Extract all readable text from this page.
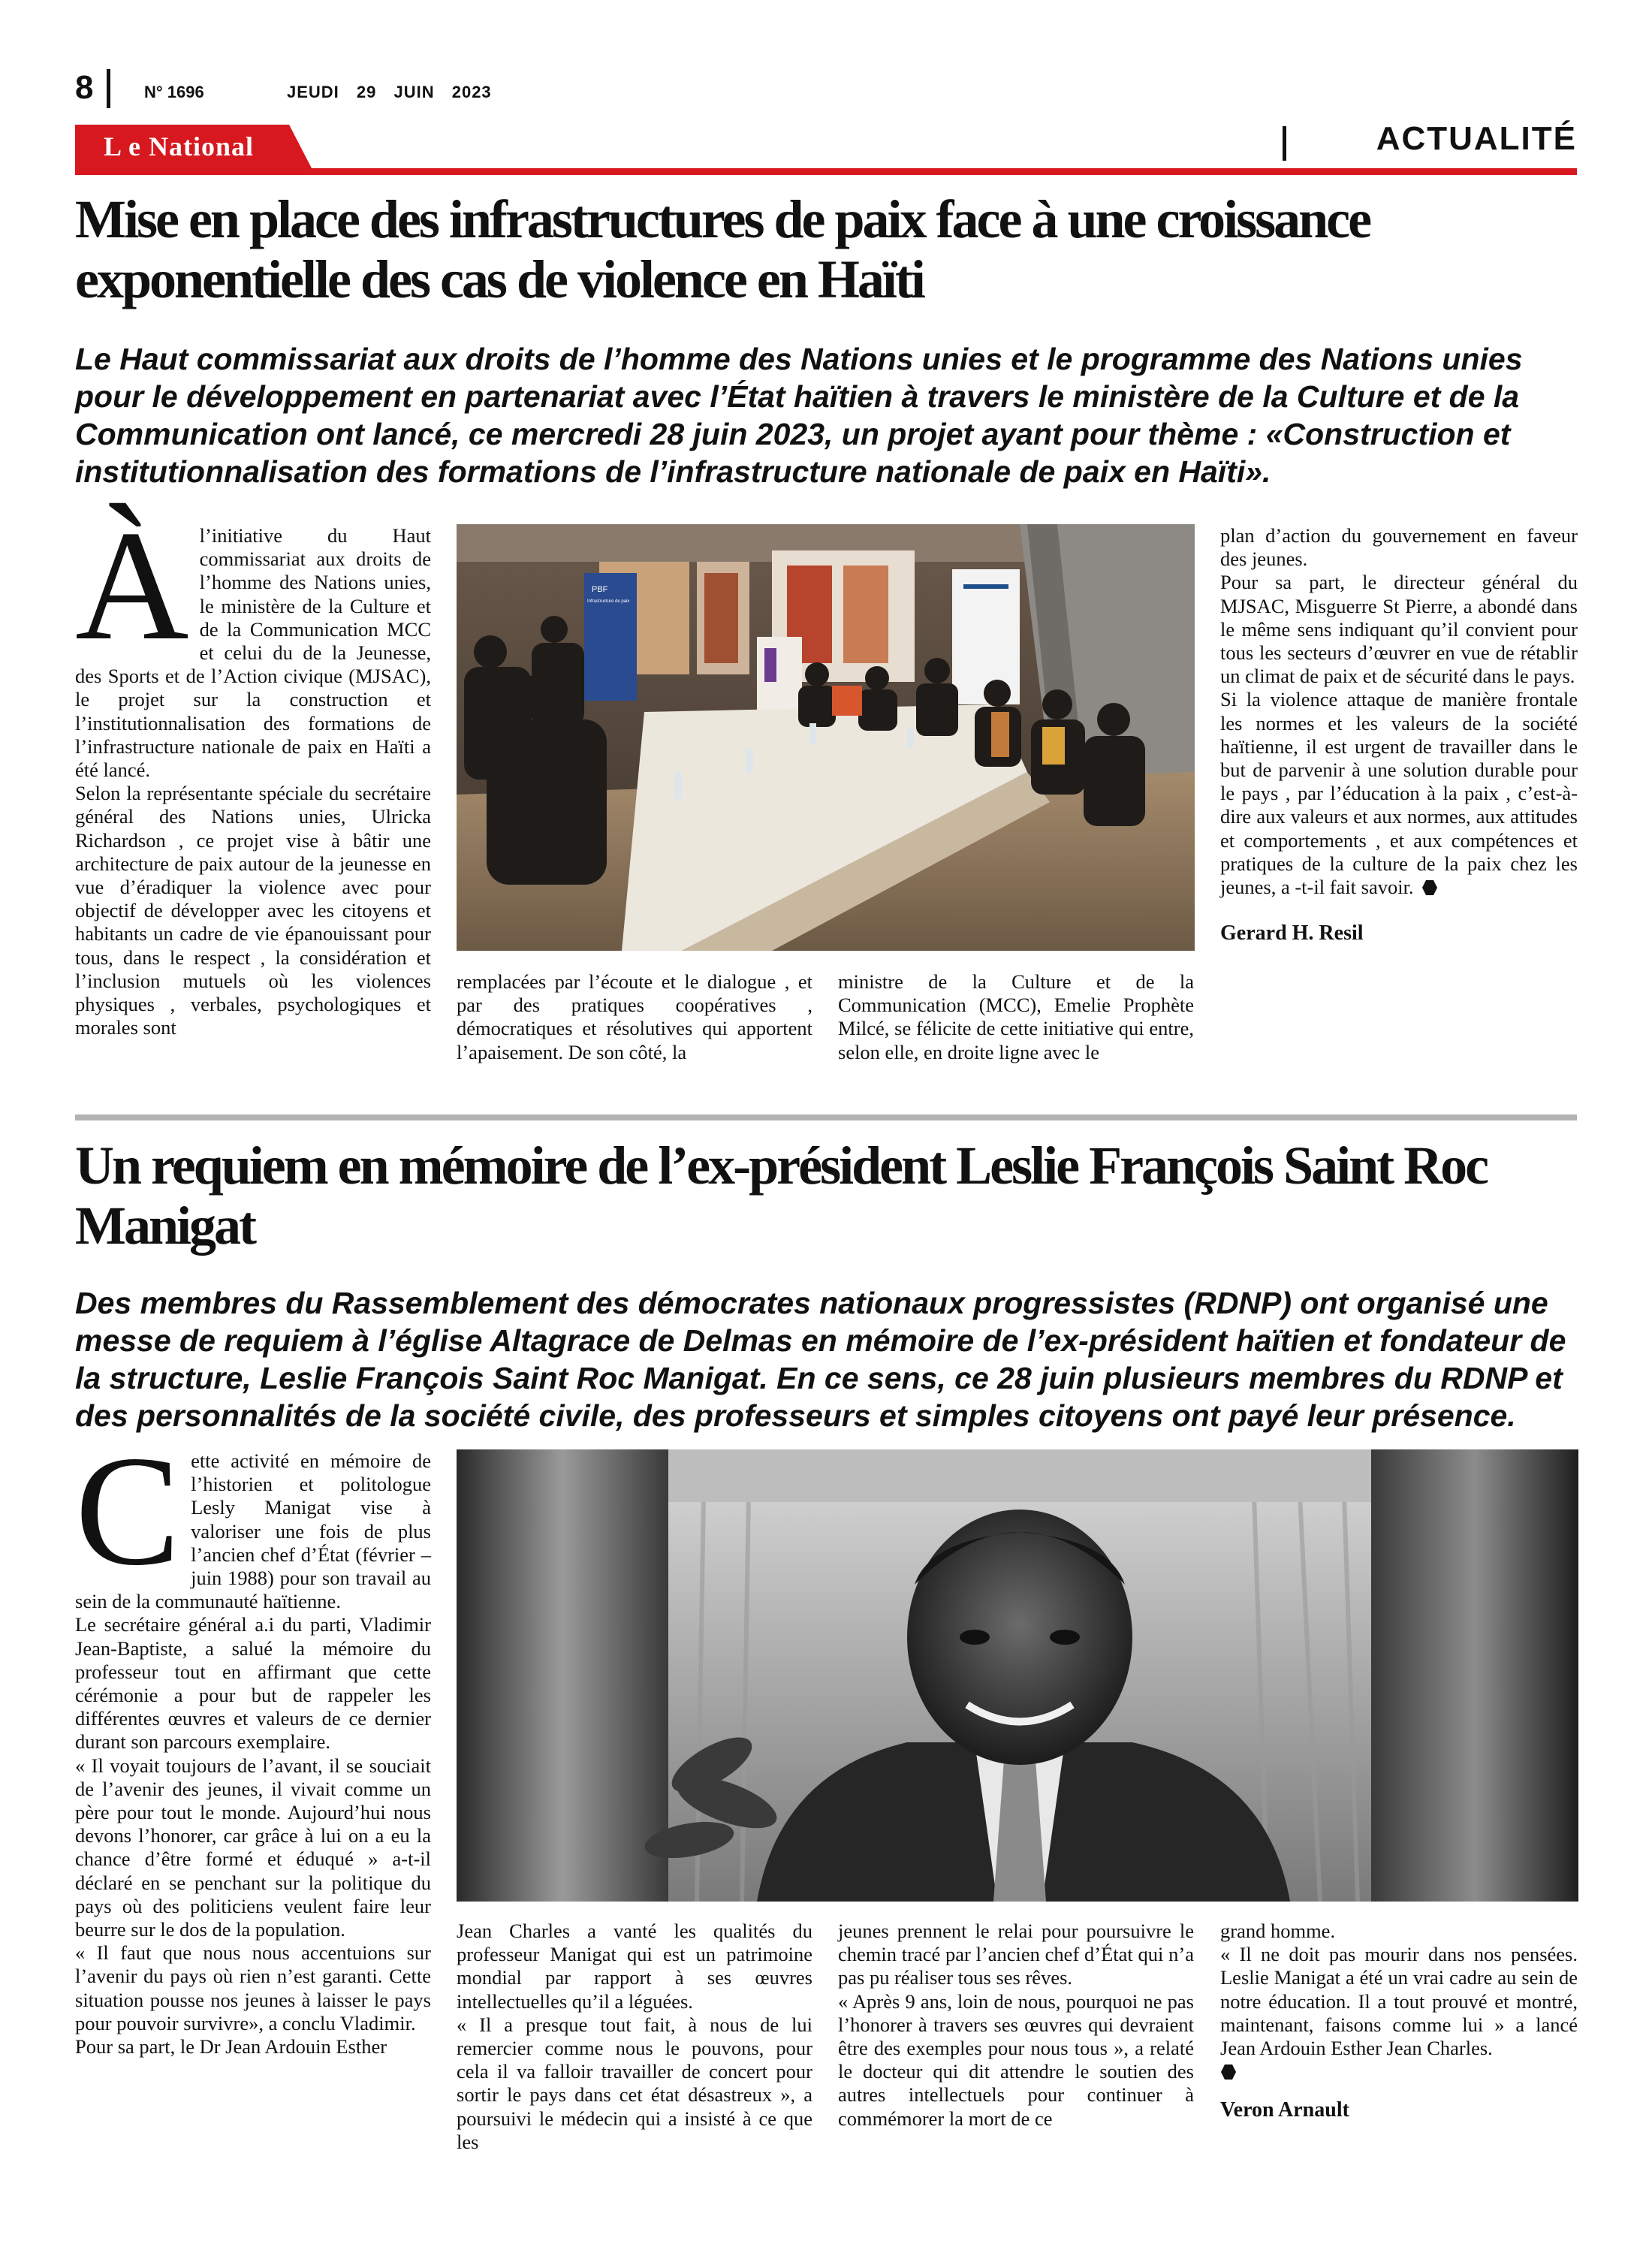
8	N° 1696	JEUDI 29 JUIN 2023
L e National	ACTUALITÉ
Mise en place des infrastructures de paix face à une croissance exponentielle des cas de violence en Haïti

Le Haut commissariat aux droits de l’homme des Nations unies et le programme des Nations unies pour le développement en partenariat avec l’État haïtien à travers le ministère de la Culture et de la Communication ont lancé, ce mercredi 28 juin 2023, un projet ayant pour thème : «Construction et institutionnalisation des formations de l’infrastructure nationale de paix en Haïti».

À l’initiative du Haut commissariat aux droits de l’homme des Nations unies, le ministère de la Culture et de la Communication MCC et celui du de la Jeunesse, des Sports et de l’Action civique (MJSAC), le projet sur la construction et l’institutionnalisation des formations de l’infrastructure nationale de paix en Haïti a été lancé.

Selon la représentante spéciale du secrétaire général des Nations unies, Ulricka Richardson , ce projet vise à bâtir une architecture de paix autour de la jeunesse en vue d’éradiquer la violence avec pour objectif de développer avec les citoyens et habitants un cadre de vie épanouissant pour tous, dans le respect , la considération et l’inclusion mutuels où les violences physiques , verbales, psychologiques et morales sont

PBF
Infrastructure de paix

remplacées par l’écoute et le dialogue , et par des pratiques coopératives , démocratiques et résolutives qui apportent l’apaisement. De son côté, la

ministre de la Culture et de la Communication (MCC), Emelie Prophète Milcé, se félicite de cette initiative qui entre, selon elle, en droite ligne avec le

plan d’action du gouvernement en faveur des jeunes.

Pour sa part, le directeur général du MJSAC, Misguerre St Pierre, a abondé dans le même sens indiquant qu’il convient pour tous les secteurs d’œuvrer en vue de rétablir un climat de paix et de sécurité dans le pays.

Si la violence attaque de manière frontale les normes et les valeurs de la société haïtienne, il est urgent de travailler dans le but de parvenir à une solution durable pour le pays , par l’éducation à la paix , c’est-à-dire aux valeurs et aux normes, aux attitudes et comportements , et aux compétences et pratiques de la culture de la paix chez les jeunes, a -t-il fait savoir.

Gerard H. Resil

Un requiem en mémoire de l’ex-président Leslie François Saint Roc Manigat

Des membres du Rassemblement des démocrates nationaux progressistes (RDNP) ont organisé une messe de requiem à l’église Altagrace de Delmas en mémoire de l’ex-président haïtien et fondateur de la structure, Leslie François Saint Roc Manigat. En ce sens, ce 28 juin plusieurs membres du RDNP et des personnalités de la société civile, des professeurs et simples citoyens ont payé leur présence.

C ette activité en mémoire de l’historien et politologue Lesly Manigat vise à valoriser une fois de plus l’ancien chef d’État (février – juin 1988) pour son travail au sein de la communauté haïtienne.

Le secrétaire général a.i du parti, Vladimir Jean-Baptiste, a salué la mémoire du professeur tout en affirmant que cette cérémonie a pour but de rappeler les différentes œuvres et valeurs de ce dernier durant son parcours exemplaire.

« Il voyait toujours de l’avant, il se souciait de l’avenir des jeunes, il vivait comme un père pour tout le monde. Aujourd’hui nous devons l’honorer, car grâce à lui on a eu la chance d’être formé et éduqué » a-t-il déclaré en se penchant sur la politique du pays où des politiciens veulent faire leur beurre sur le dos de la population.

« Il faut que nous nous accentuions sur l’avenir du pays où rien n’est garanti. Cette situation pousse nos jeunes à laisser le pays pour pouvoir survivre», a conclu Vladimir.

Pour sa part, le Dr Jean Ardouin Esther

Jean Charles a vanté les qualités du professeur Manigat qui est un patrimoine mondial par rapport à ses œuvres intellectuelles qu’il a léguées.

« Il a presque tout fait, à nous de lui remercier comme nous le pouvons, pour cela il va falloir travailler de concert pour sortir le pays dans cet état désastreux », a poursuivi le médecin qui a insisté à ce que les

jeunes prennent le relai pour poursuivre le chemin tracé par l’ancien chef d’État qui n’a pas pu réaliser tous ses rêves.

« Après 9 ans, loin de nous, pourquoi ne pas l’honorer à travers ses œuvres qui devraient être des exemples pour nous tous », a relaté le docteur qui dit attendre le soutien des autres intellectuels pour continuer à commémorer la mort de ce

grand homme.

« Il ne doit pas mourir dans nos pensées. Leslie Manigat a été un vrai cadre au sein de notre éducation. Il a tout prouvé et montré, maintenant, faisons comme lui » a lancé Jean Ardouin Esther Jean Charles.

Veron Arnault
